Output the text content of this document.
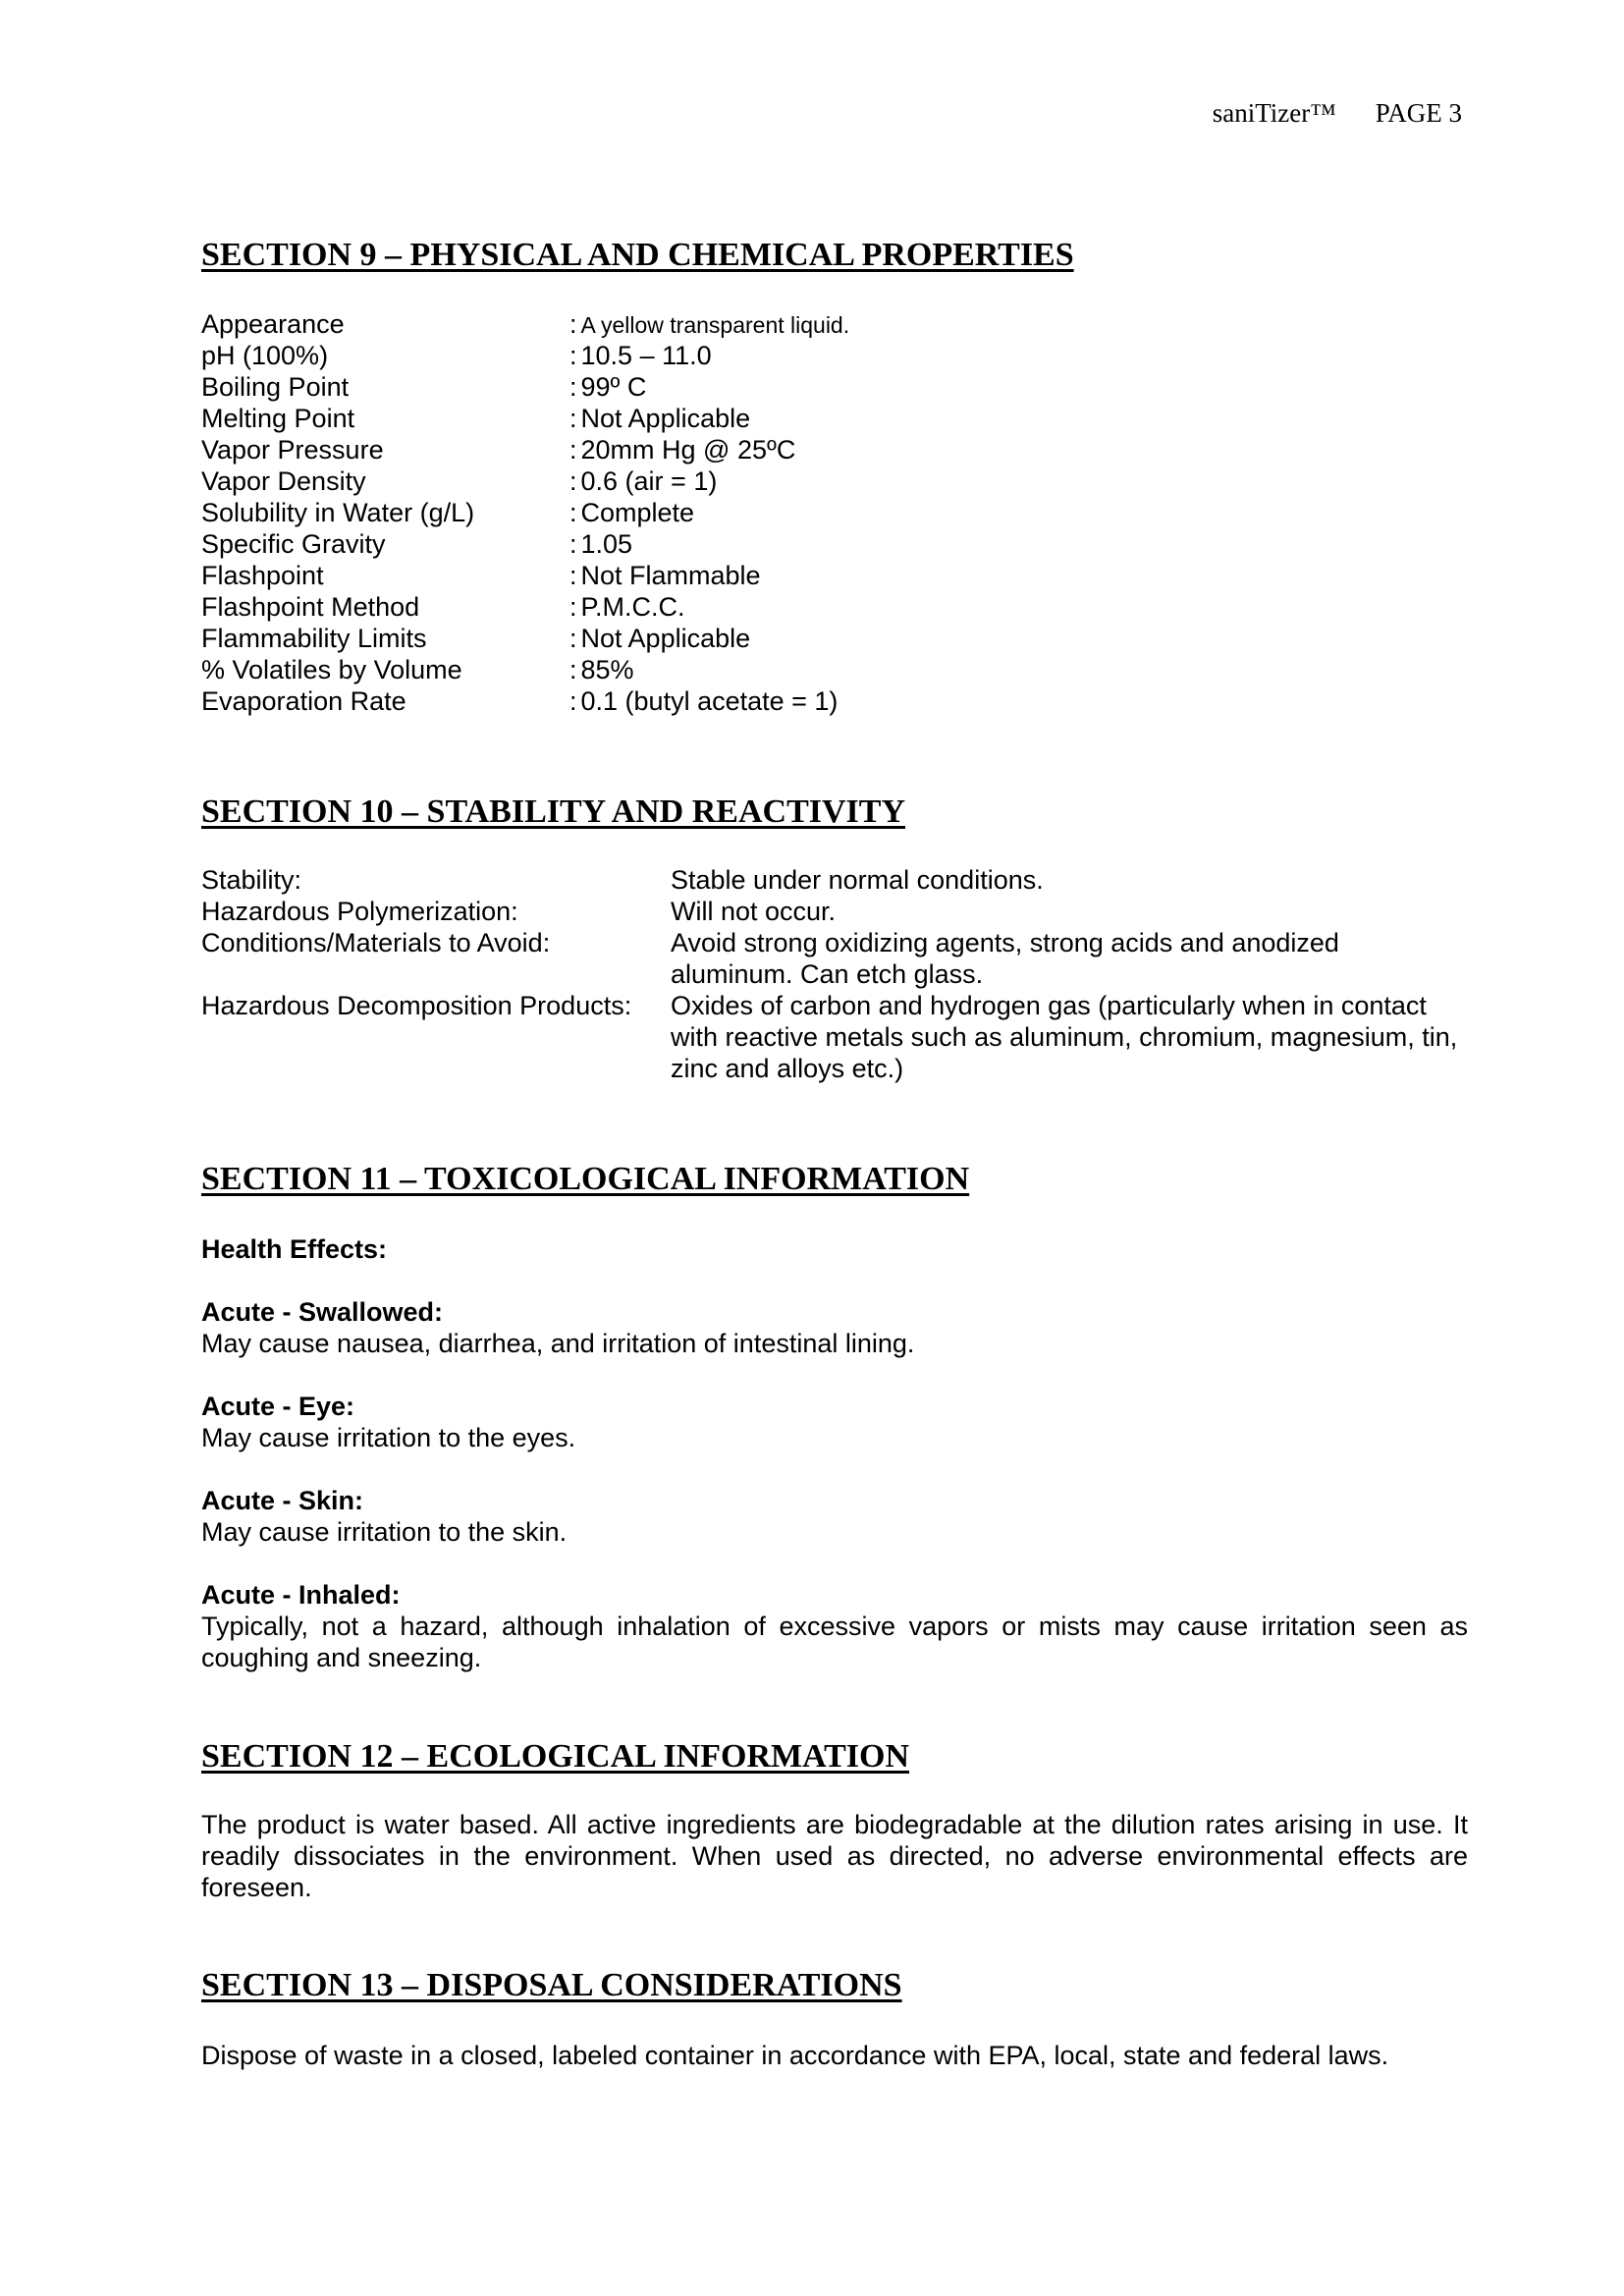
saniTizer™ PAGE 3
SECTION 9 – PHYSICAL AND CHEMICAL PROPERTIES
Appearance	: A yellow transparent liquid.
pH (100%)	: 10.5 – 11.0
Boiling Point	: 99º C
Melting Point	: Not Applicable
Vapor Pressure	: 20mm Hg @ 25ºC
Vapor Density	: 0.6 (air = 1)
Solubility in Water (g/L)	: Complete
Specific Gravity	: 1.05
Flashpoint	: Not Flammable
Flashpoint Method	: P.M.C.C.
Flammability Limits	: Not Applicable
% Volatiles by Volume	: 85%
Evaporation Rate	: 0.1 (butyl acetate = 1)
SECTION 10 – STABILITY AND REACTIVITY
Stability:	Stable under normal conditions.
Hazardous Polymerization:	Will not occur.
Conditions/Materials to Avoid:	Avoid strong oxidizing agents, strong acids and anodized aluminum. Can etch glass.
Hazardous Decomposition Products:	Oxides of carbon and hydrogen gas (particularly when in contact with reactive metals such as aluminum, chromium, magnesium, tin, zinc and alloys etc.)
SECTION 11 – TOXICOLOGICAL INFORMATION
Health Effects:
Acute - Swallowed:
May cause nausea, diarrhea, and irritation of intestinal lining.
Acute - Eye:
May cause irritation to the eyes.
Acute - Skin:
May cause irritation to the skin.
Acute - Inhaled:
Typically, not a hazard, although inhalation of excessive vapors or mists may cause irritation seen as coughing and sneezing.
SECTION 12 – ECOLOGICAL INFORMATION
The product is water based. All active ingredients are biodegradable at the dilution rates arising in use. It readily dissociates in the environment. When used as directed, no adverse environmental effects are foreseen.
SECTION 13 – DISPOSAL CONSIDERATIONS
Dispose of waste in a closed, labeled container in accordance with EPA, local, state and federal laws.
